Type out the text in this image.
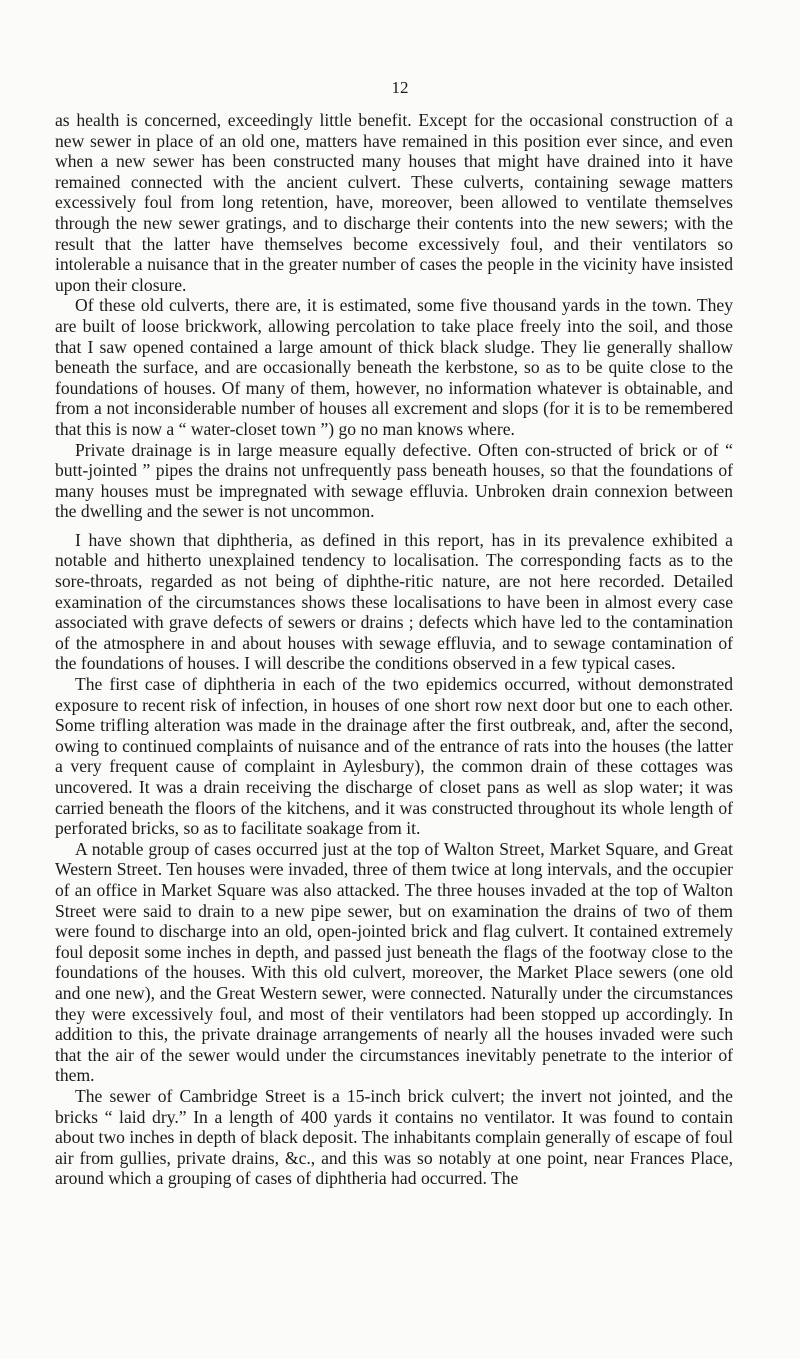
12

as health is concerned, exceedingly little benefit. Except for the occasional construction of a new sewer in place of an old one, matters have remained in this position ever since, and even when a new sewer has been constructed many houses that might have drained into it have remained connected with the ancient culvert. These culverts, containing sewage matters excessively foul from long retention, have, moreover, been allowed to ventilate themselves through the new sewer gratings, and to discharge their contents into the new sewers; with the result that the latter have themselves become excessively foul, and their ventilators so intolerable a nuisance that in the greater number of cases the people in the vicinity have insisted upon their closure.

Of these old culverts, there are, it is estimated, some five thousand yards in the town. They are built of loose brickwork, allowing percolation to take place freely into the soil, and those that I saw opened contained a large amount of thick black sludge. They lie generally shallow beneath the surface, and are occasionally beneath the kerbstone, so as to be quite close to the foundations of houses. Of many of them, however, no information whatever is obtainable, and from a not inconsiderable number of houses all excrement and slops (for it is to be remembered that this is now a “ water-closet town ”) go no man knows where.

Private drainage is in large measure equally defective. Often con-structed of brick or of “ butt-jointed ” pipes the drains not unfrequently pass beneath houses, so that the foundations of many houses must be impregnated with sewage effluvia. Unbroken drain connexion between the dwelling and the sewer is not uncommon.

I have shown that diphtheria, as defined in this report, has in its prevalence exhibited a notable and hitherto unexplained tendency to localisation. The corresponding facts as to the sore-throats, regarded as not being of diphthe-ritic nature, are not here recorded. Detailed examination of the circumstances shows these localisations to have been in almost every case associated with grave defects of sewers or drains ; defects which have led to the contamination of the atmosphere in and about houses with sewage effluvia, and to sewage contamination of the foundations of houses. I will describe the conditions observed in a few typical cases.

The first case of diphtheria in each of the two epidemics occurred, without demonstrated exposure to recent risk of infection, in houses of one short row next door but one to each other. Some trifling alteration was made in the drainage after the first outbreak, and, after the second, owing to continued complaints of nuisance and of the entrance of rats into the houses (the latter a very frequent cause of complaint in Aylesbury), the common drain of these cottages was uncovered. It was a drain receiving the discharge of closet pans as well as slop water; it was carried beneath the floors of the kitchens, and it was constructed throughout its whole length of perforated bricks, so as to facilitate soakage from it.

A notable group of cases occurred just at the top of Walton Street, Market Square, and Great Western Street. Ten houses were invaded, three of them twice at long intervals, and the occupier of an office in Market Square was also attacked. The three houses invaded at the top of Walton Street were said to drain to a new pipe sewer, but on examination the drains of two of them were found to discharge into an old, open-jointed brick and flag culvert. It contained extremely foul deposit some inches in depth, and passed just beneath the flags of the footway close to the foundations of the houses. With this old culvert, moreover, the Market Place sewers (one old and one new), and the Great Western sewer, were connected. Naturally under the circumstances they were excessively foul, and most of their ventilators had been stopped up accordingly. In addition to this, the private drainage arrangements of nearly all the houses invaded were such that the air of the sewer would under the circumstances inevitably penetrate to the interior of them.

The sewer of Cambridge Street is a 15-inch brick culvert; the invert not jointed, and the bricks “ laid dry.” In a length of 400 yards it contains no ventilator. It was found to contain about two inches in depth of black deposit. The inhabitants complain generally of escape of foul air from gullies, private drains, &c., and this was so notably at one point, near Frances Place, around which a grouping of cases of diphtheria had occurred. The
